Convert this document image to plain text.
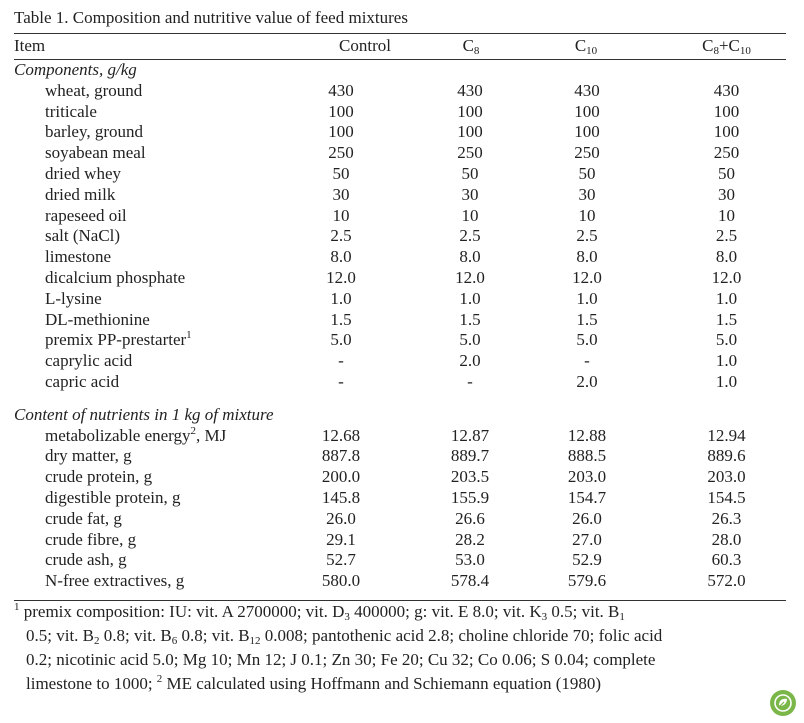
Table 1. Composition and nutritive value of feed mixtures
Item	Control	$C_8$	$C_{10}$	$C_8+C_{10}$
Components, g/kg				
wheat, ground	430	430	430	430
triticale	100	100	100	100
barley, ground	100	100	100	100
soyabean meal	250	250	250	250
dried whey	50	50	50	50
dried milk	30	30	30	30
rapeseed oil	10	10	10	10
salt (NaCl)	2.5	2.5	2.5	2.5
limestone	8.0	8.0	8.0	8.0
dicalcium phosphate	12.0	12.0	12.0	12.0
L-lysine	1.0	1.0	1.0	1.0
DL-methionine	1.5	1.5	1.5	1.5
premix PP-prestarter$^1$	5.0	5.0	5.0	5.0
caprylic acid	-	2.0	-	1.0
capric acid	-	-	2.0	1.0

Content of nutrients in 1 kg of mixture				
metabolizable energy$^2$, MJ	12.68	12.87	12.88	12.94
dry matter, g	887.8	889.7	888.5	889.6
crude protein, g	200.0	203.5	203.0	203.0
digestible protein, g	145.8	155.9	154.7	154.5
crude fat, g	26.0	26.6	26.0	26.3
crude fibre, g	29.1	28.2	27.0	28.0
crude ash, g	52.7	53.0	52.9	60.3
N-free extractives, g	580.0	578.4	579.6	572.0
$^1$ premix composition: IU: vit. A 2700000; vit. $D_3$ 400000; g: vit. E 8.0; vit. $K_3$ 0.5; vit. $B_1$
0.5; vit. $B_2$ 0.8; vit. $B_6$ 0.8; vit. $B_{12}$ 0.008; pantothenic acid 2.8; choline chloride 70; folic acid
0.2; nicotinic acid 5.0; Mg 10; Mn 12; J 0.1; Zn 30; Fe 20; Cu 32; Co 0.06; S 0.04; complete
limestone to 1000; $^2$ ME calculated using Hoffmann and Schiemann equation (1980)
